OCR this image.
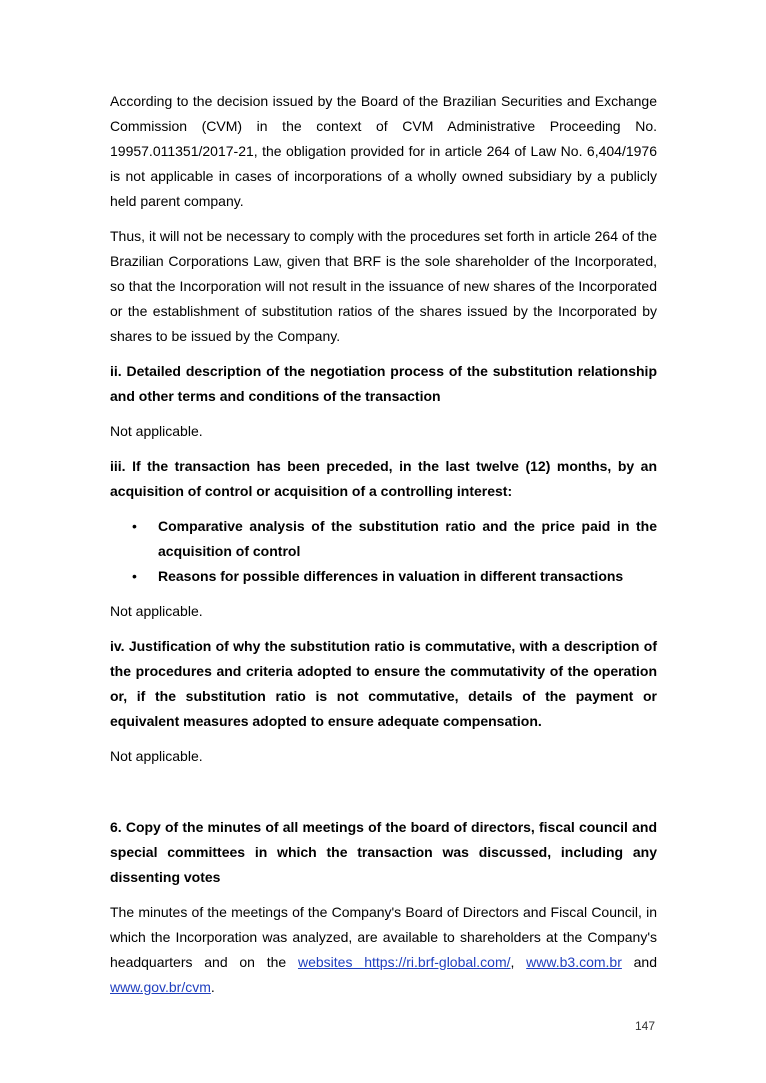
According to the decision issued by the Board of the Brazilian Securities and Exchange Commission (CVM) in the context of CVM Administrative Proceeding No. 19957.011351/2017-21, the obligation provided for in article 264 of Law No. 6,404/1976 is not applicable in cases of incorporations of a wholly owned subsidiary by a publicly held parent company.

Thus, it will not be necessary to comply with the procedures set forth in article 264 of the Brazilian Corporations Law, given that BRF is the sole shareholder of the Incorporated, so that the Incorporation will not result in the issuance of new shares of the Incorporated or the establishment of substitution ratios of the shares issued by the Incorporated by shares to be issued by the Company.

ii. Detailed description of the negotiation process of the substitution relationship and other terms and conditions of the transaction

Not applicable.

iii. If the transaction has been preceded, in the last twelve (12) months, by an acquisition of control or acquisition of a controlling interest:
• Comparative analysis of the substitution ratio and the price paid in the acquisition of control
• Reasons for possible differences in valuation in different transactions

Not applicable.

iv. Justification of why the substitution ratio is commutative, with a description of the procedures and criteria adopted to ensure the commutativity of the operation or, if the substitution ratio is not commutative, details of the payment or equivalent measures adopted to ensure adequate compensation.

Not applicable.

6. Copy of the minutes of all meetings of the board of directors, fiscal council and special committees in which the transaction was discussed, including any dissenting votes

The minutes of the meetings of the Company's Board of Directors and Fiscal Council, in which the Incorporation was analyzed, are available to shareholders at the Company's headquarters and on the websites https://ri.brf-global.com/, www.b3.com.br and www.gov.br/cvm.

147
